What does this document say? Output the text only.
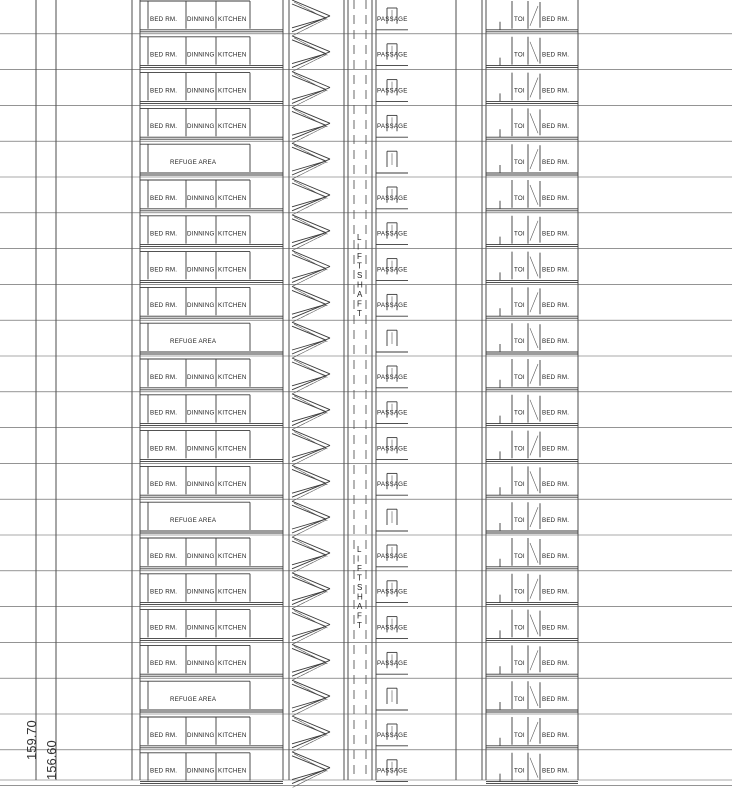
BED RM. DINNING KITCHEN	PASSAGE	TOI	BED RM.
BED RM. DINNING KITCHEN	PASSAGE	TOI	BED RM.
BED RM. DINNING KITCHEN	PASSAGE	TOI	BED RM.
BED RM. DINNING KITCHEN	PASSAGE	TOI	BED RM.
REFUGE AREA	TOI	BED RM.
BED RM. DINNING KITCHEN	PASSAGE	TOI	BED RM.
BED RM. DINNING KITCHEN	PASSAGE	TOI	BED RM.
BED RM. DINNING KITCHEN	PASSAGE	TOI	BED RM.
BED RM. DINNING KITCHEN	PASSAGE	TOI	BED RM.
REFUGE AREA	TOI	BED RM.
BED RM. DINNING KITCHEN	PASSAGE	TOI	BED RM.
BED RM. DINNING KITCHEN	PASSAGE	TOI	BED RM.
BED RM. DINNING KITCHEN	PASSAGE	TOI	BED RM.
BED RM. DINNING KITCHEN	PASSAGE	TOI	BED RM.
REFUGE AREA	TOI	BED RM.
BED RM. DINNING KITCHEN	PASSAGE	TOI	BED RM.
BED RM. DINNING KITCHEN	PASSAGE	TOI	BED RM.
BED RM. DINNING KITCHEN	PASSAGE	TOI	BED RM.
BED RM. DINNING KITCHEN	PASSAGE	TOI	BED RM.
REFUGE AREA	TOI	BED RM.
BED RM. DINNING KITCHEN	PASSAGE	TOI	BED RM.
BED RM. DINNING KITCHEN	PASSAGE	TOI	BED RM.
L
I
F
T
S
H
A
F
T
L
I
F
T
S
H
A
F
T
159.70
156.60
